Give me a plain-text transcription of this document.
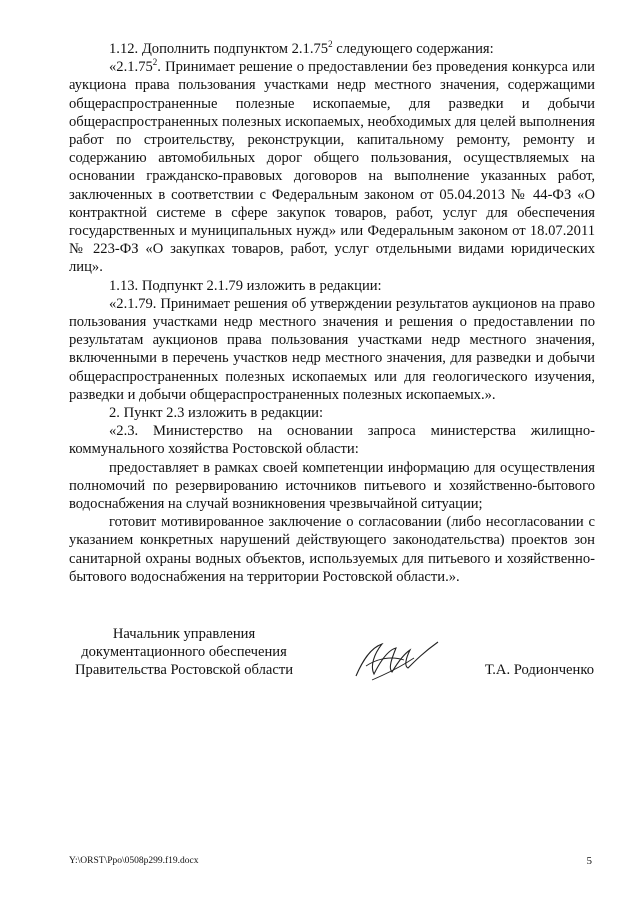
1.12. Дополнить подпунктом 2.1.75$^2$ следующего содержания:

«2.1.75$^2$. Принимает решение о предоставлении без проведения конкурса или аукциона права пользования участками недр местного значения, содержащими общераспространенные полезные ископаемые, для разведки и добычи общераспространенных полезных ископаемых, необходимых для целей выполнения работ по строительству, реконструкции, капитальному ремонту, ремонту и содержанию автомобильных дорог общего пользования, осуществляемых на основании гражданско-правовых договоров на выполнение указанных работ, заключенных в соответствии с Федеральным законом от 05.04.2013 № 44-ФЗ «О контрактной системе в сфере закупок товаров, работ, услуг для обеспечения государственных и муниципальных нужд» или Федеральным законом от 18.07.2011 № 223-ФЗ «О закупках товаров, работ, услуг отдельными видами юридических лиц».

1.13. Подпункт 2.1.79 изложить в редакции:

«2.1.79. Принимает решения об утверждении результатов аукционов на право пользования участками недр местного значения и решения о предоставлении по результатам аукционов права пользования участками недр местного значения, включенными в перечень участков недр местного значения, для разведки и добычи общераспространенных полезных ископаемых или для геологического изучения, разведки и добычи общераспространенных полезных ископаемых.».

2. Пункт 2.3 изложить в редакции:

«2.3. Министерство на основании запроса министерства жилищно-коммунального хозяйства Ростовской области:

предоставляет в рамках своей компетенции информацию для осуществления полномочий по резервированию источников питьевого и хозяйственно-бытового водоснабжения на случай возникновения чрезвычайной ситуации;

готовит мотивированное заключение о согласовании (либо несогласовании с указанием конкретных нарушений действующего законодательства) проектов зон санитарной охраны водных объектов, используемых для питьевого и хозяйственно-бытового водоснабжения на территории Ростовской области.».

Начальник управления
документационного обеспечения
Правительства Ростовской области	Т.А. Родионченко
Y:\ORST\Ppo\0508p299.f19.docx	5
